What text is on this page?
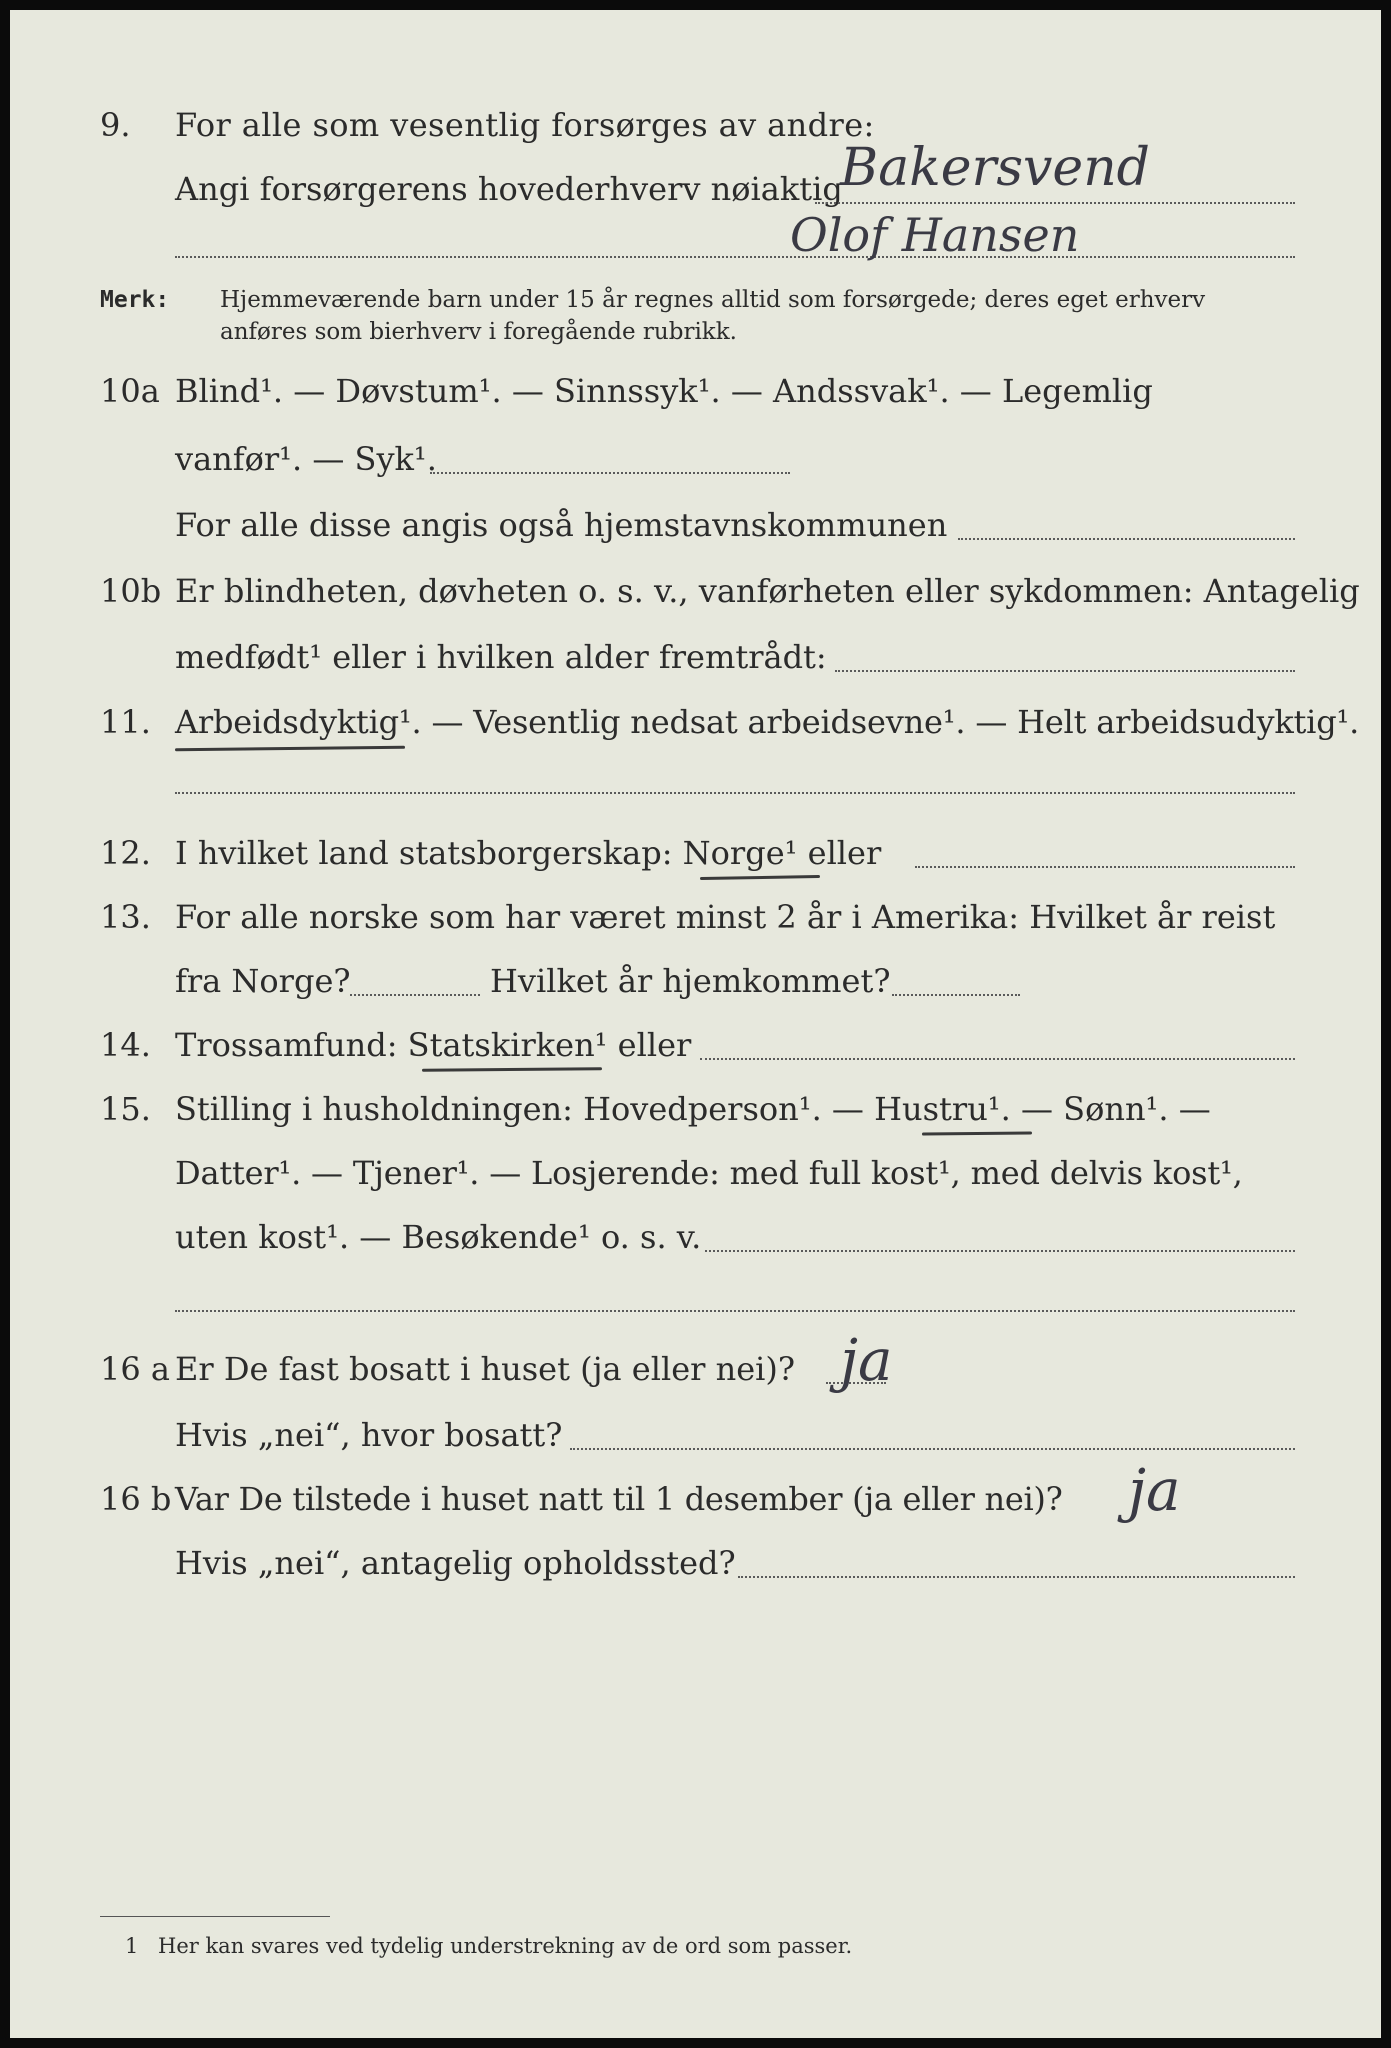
9. For alle som vesentlig forsørges av andre:
Angi forsørgerens hovederhverv nøiaktig
Bakersvend
Olof Hansen
Merk: Hjemmeværende barn under 15 år regnes alltid som forsørgede; deres eget erhverv
anføres som bierhverv i foregående rubrikk.
10a Blind¹. — Døvstum¹. — Sinnssyk¹. — Andssvak¹. — Legemlig
vanfør¹. — Syk¹.
For alle disse angis også hjemstavnskommunen
10b Er blindheten, døvheten o. s. v., vanførheten eller sykdommen: Antagelig
medfødt¹ eller i hvilken alder fremtrådt:
11. Arbeidsdyktig¹. — Vesentlig nedsat arbeidsevne¹. — Helt arbeidsudyktig¹.
12. I hvilket land statsborgerskap: Norge¹ eller
13. For alle norske som har været minst 2 år i Amerika: Hvilket år reist
fra Norge?	Hvilket år hjemkommet?
14. Trossamfund: Statskirken¹ eller
15. Stilling i husholdningen: Hovedperson¹. — Hustru¹. — Sønn¹. —
Datter¹. — Tjener¹. — Losjerende: med full kost¹, med delvis kost¹,
uten kost¹. — Besøkende¹ o. s. v.
16 a Er De fast bosatt i huset (ja eller nei)? ja
Hvis „nei“, hvor bosatt?
16 b Var De tilstede i huset natt til 1 desember (ja eller nei)? ja
Hvis „nei“, antagelig opholdssted?
1 Her kan svares ved tydelig understrekning av de ord som passer.
